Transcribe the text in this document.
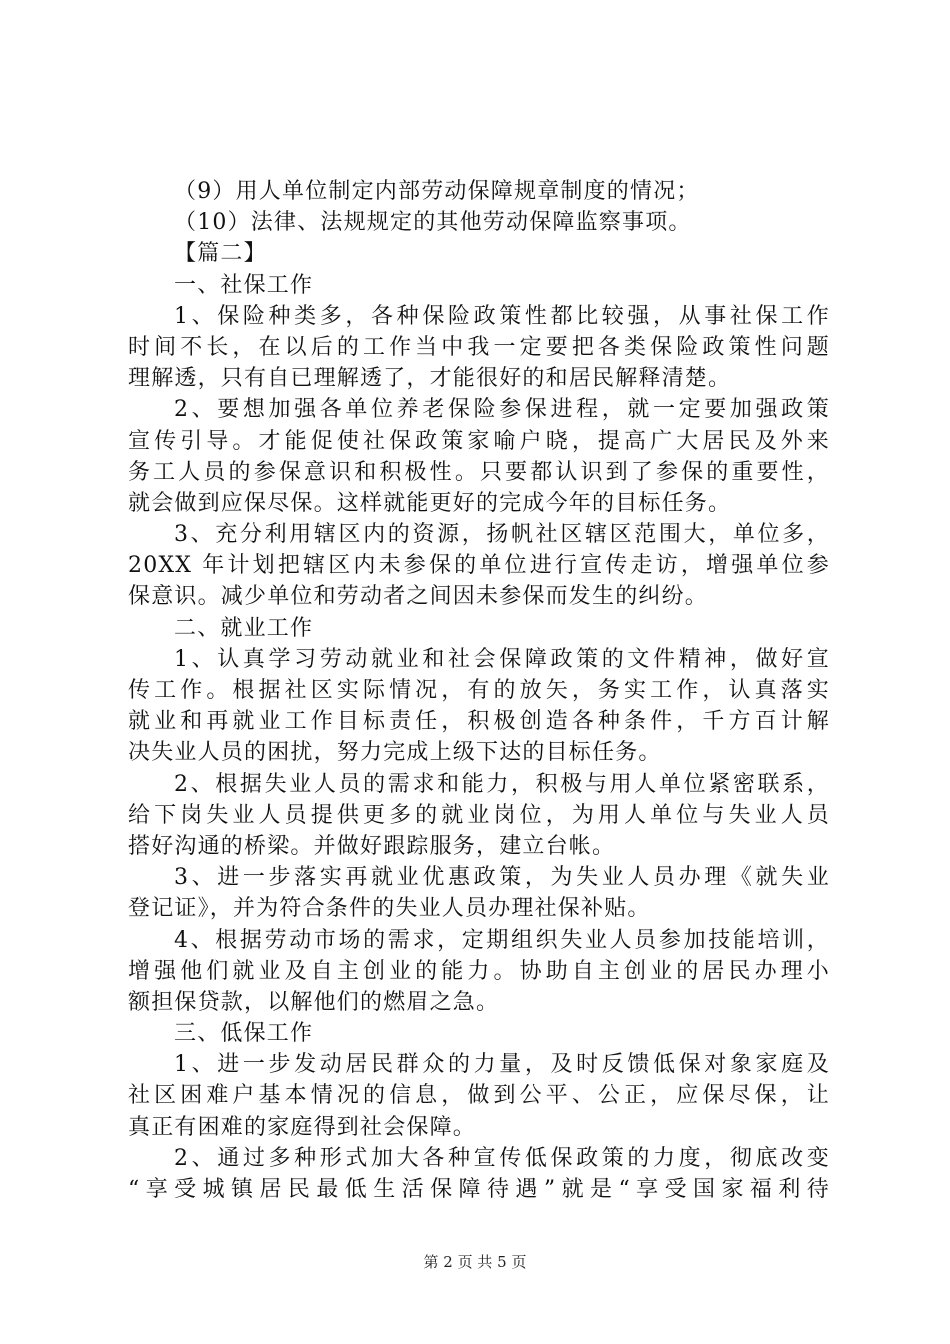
（9）用人单位制定内部劳动保障规章制度的情况；
（10）法律、法规规定的其他劳动保障监察事项。
【篇二】
一、社保工作
1、保险种类多，各种保险政策性都比较强，从事社保工作
时间不长，在以后的工作当中我一定要把各类保险政策性问题
理解透，只有自已理解透了，才能很好的和居民解释清楚。
2、要想加强各单位养老保险参保进程，就一定要加强政策
宣传引导。才能促使社保政策家喻户晓，提高广大居民及外来
务工人员的参保意识和积极性。只要都认识到了参保的重要性，
就会做到应保尽保。这样就能更好的完成今年的目标任务。
3、充分利用辖区内的资源，扬帆社区辖区范围大，单位多，
20XX 年计划把辖区内未参保的单位进行宣传走访，增强单位参
保意识。减少单位和劳动者之间因未参保而发生的纠纷。
二、就业工作
1、认真学习劳动就业和社会保障政策的文件精神，做好宣
传工作。根据社区实际情况，有的放矢，务实工作，认真落实
就业和再就业工作目标责任，积极创造各种条件，千方百计解
决失业人员的困扰，努力完成上级下达的目标任务。
2、根据失业人员的需求和能力，积极与用人单位紧密联系，
给下岗失业人员提供更多的就业岗位，为用人单位与失业人员
搭好沟通的桥梁。并做好跟踪服务，建立台帐。
3、进一步落实再就业优惠政策，为失业人员办理《就失业
登记证》，并为符合条件的失业人员办理社保补贴。
4、根据劳动市场的需求，定期组织失业人员参加技能培训，
增强他们就业及自主创业的能力。协助自主创业的居民办理小
额担保贷款，以解他们的燃眉之急。
三、低保工作
1、进一步发动居民群众的力量，及时反馈低保对象家庭及
社区困难户基本情况的信息，做到公平、公正，应保尽保，让
真正有困难的家庭得到社会保障。
2、通过多种形式加大各种宣传低保政策的力度，彻底改变
“享受城镇居民最低生活保障待遇”就是“享受国家福利待
第 2 页 共 5 页
